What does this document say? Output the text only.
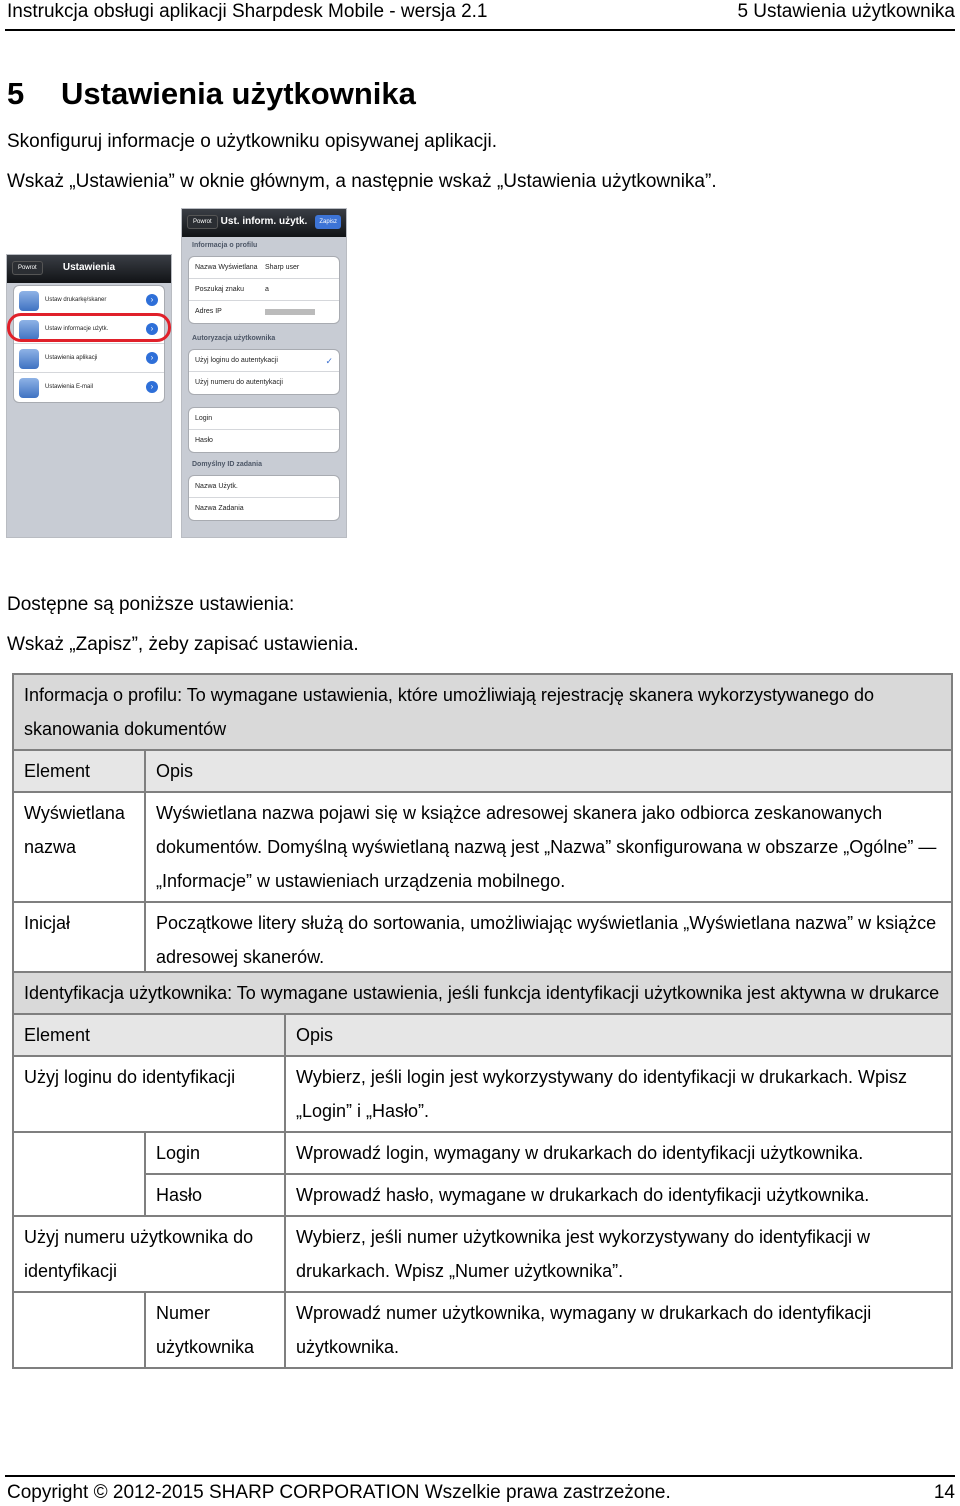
Instrukcja obsługi aplikacji Sharpdesk Mobile - wersja 2.1	5 Ustawienia użytkownika
5 Ustawienia użytkownika
Skonfiguruj informacje o użytkowniku opisywanej aplikacji.
Wskaż „Ustawienia” w oknie głównym, a następnie wskaż „Ustawienia użytkownika”.
Powrot	Ustawienia
Ustaw drukarkę/skaner	›
Ustaw informacje użytk.	›
Ustawienia aplikacji	›
Ustawienia E-mail	›
Powrot Ust. inform. użytk.	Zapisz
Informacja o profilu
Nazwa Wyświetlana Sharp user
Poszukaj znaku	a
Adres IP
Autoryzacja użytkownika
Użyj loginu do autentykacji	✓
Użyj numeru do autentykacji
Login
Hasło
Domyślny ID zadania
Nazwa Użytk.
Nazwa Zadania
Dostępne są poniższe ustawienia:
Wskaż „Zapisz”, żeby zapisać ustawienia.
Informacja o profilu: To wymagane ustawienia, które umożliwiają rejestrację skanera wykorzystywanego do skanowania dokumentów	
Element	Opis
Wyświetlana nazwa	Wyświetlana nazwa pojawi się w książce adresowej skanera jako odbiorca zeskanowanych dokumentów. Domyślną wyświetlaną nazwą jest „Nazwa” skonfigurowana w obszarze „Ogólne” ― „Informacje” w ustawieniach urządzenia mobilnego.
Inicjał	Początkowe litery służą do sortowania, umożliwiając wyświetlania „Wyświetlana nazwa” w książce adresowej skanerów.
Identyfikacja użytkownika: To wymagane ustawienia, jeśli funkcja identyfikacji użytkownika jest aktywna w drukarce		
Element		Opis
Użyj loginu do identyfikacji		Wybierz, jeśli login jest wykorzystywany do identyfikacji w drukarkach. Wpisz „Login” i „Hasło”.
	Login	Wprowadź login, wymagany w drukarkach do identyfikacji użytkownika.
	Hasło	Wprowadź hasło, wymagane w drukarkach do identyfikacji użytkownika.
Użyj numeru użytkownika do identyfikacji		Wybierz, jeśli numer użytkownika jest wykorzystywany do identyfikacji w drukarkach. Wpisz „Numer użytkownika”.
	Numer użytkownika	Wprowadź numer użytkownika, wymagany w drukarkach do identyfikacji użytkownika.
Copyright © 2012-2015 SHARP CORPORATION Wszelkie prawa zastrzeżone.	14
